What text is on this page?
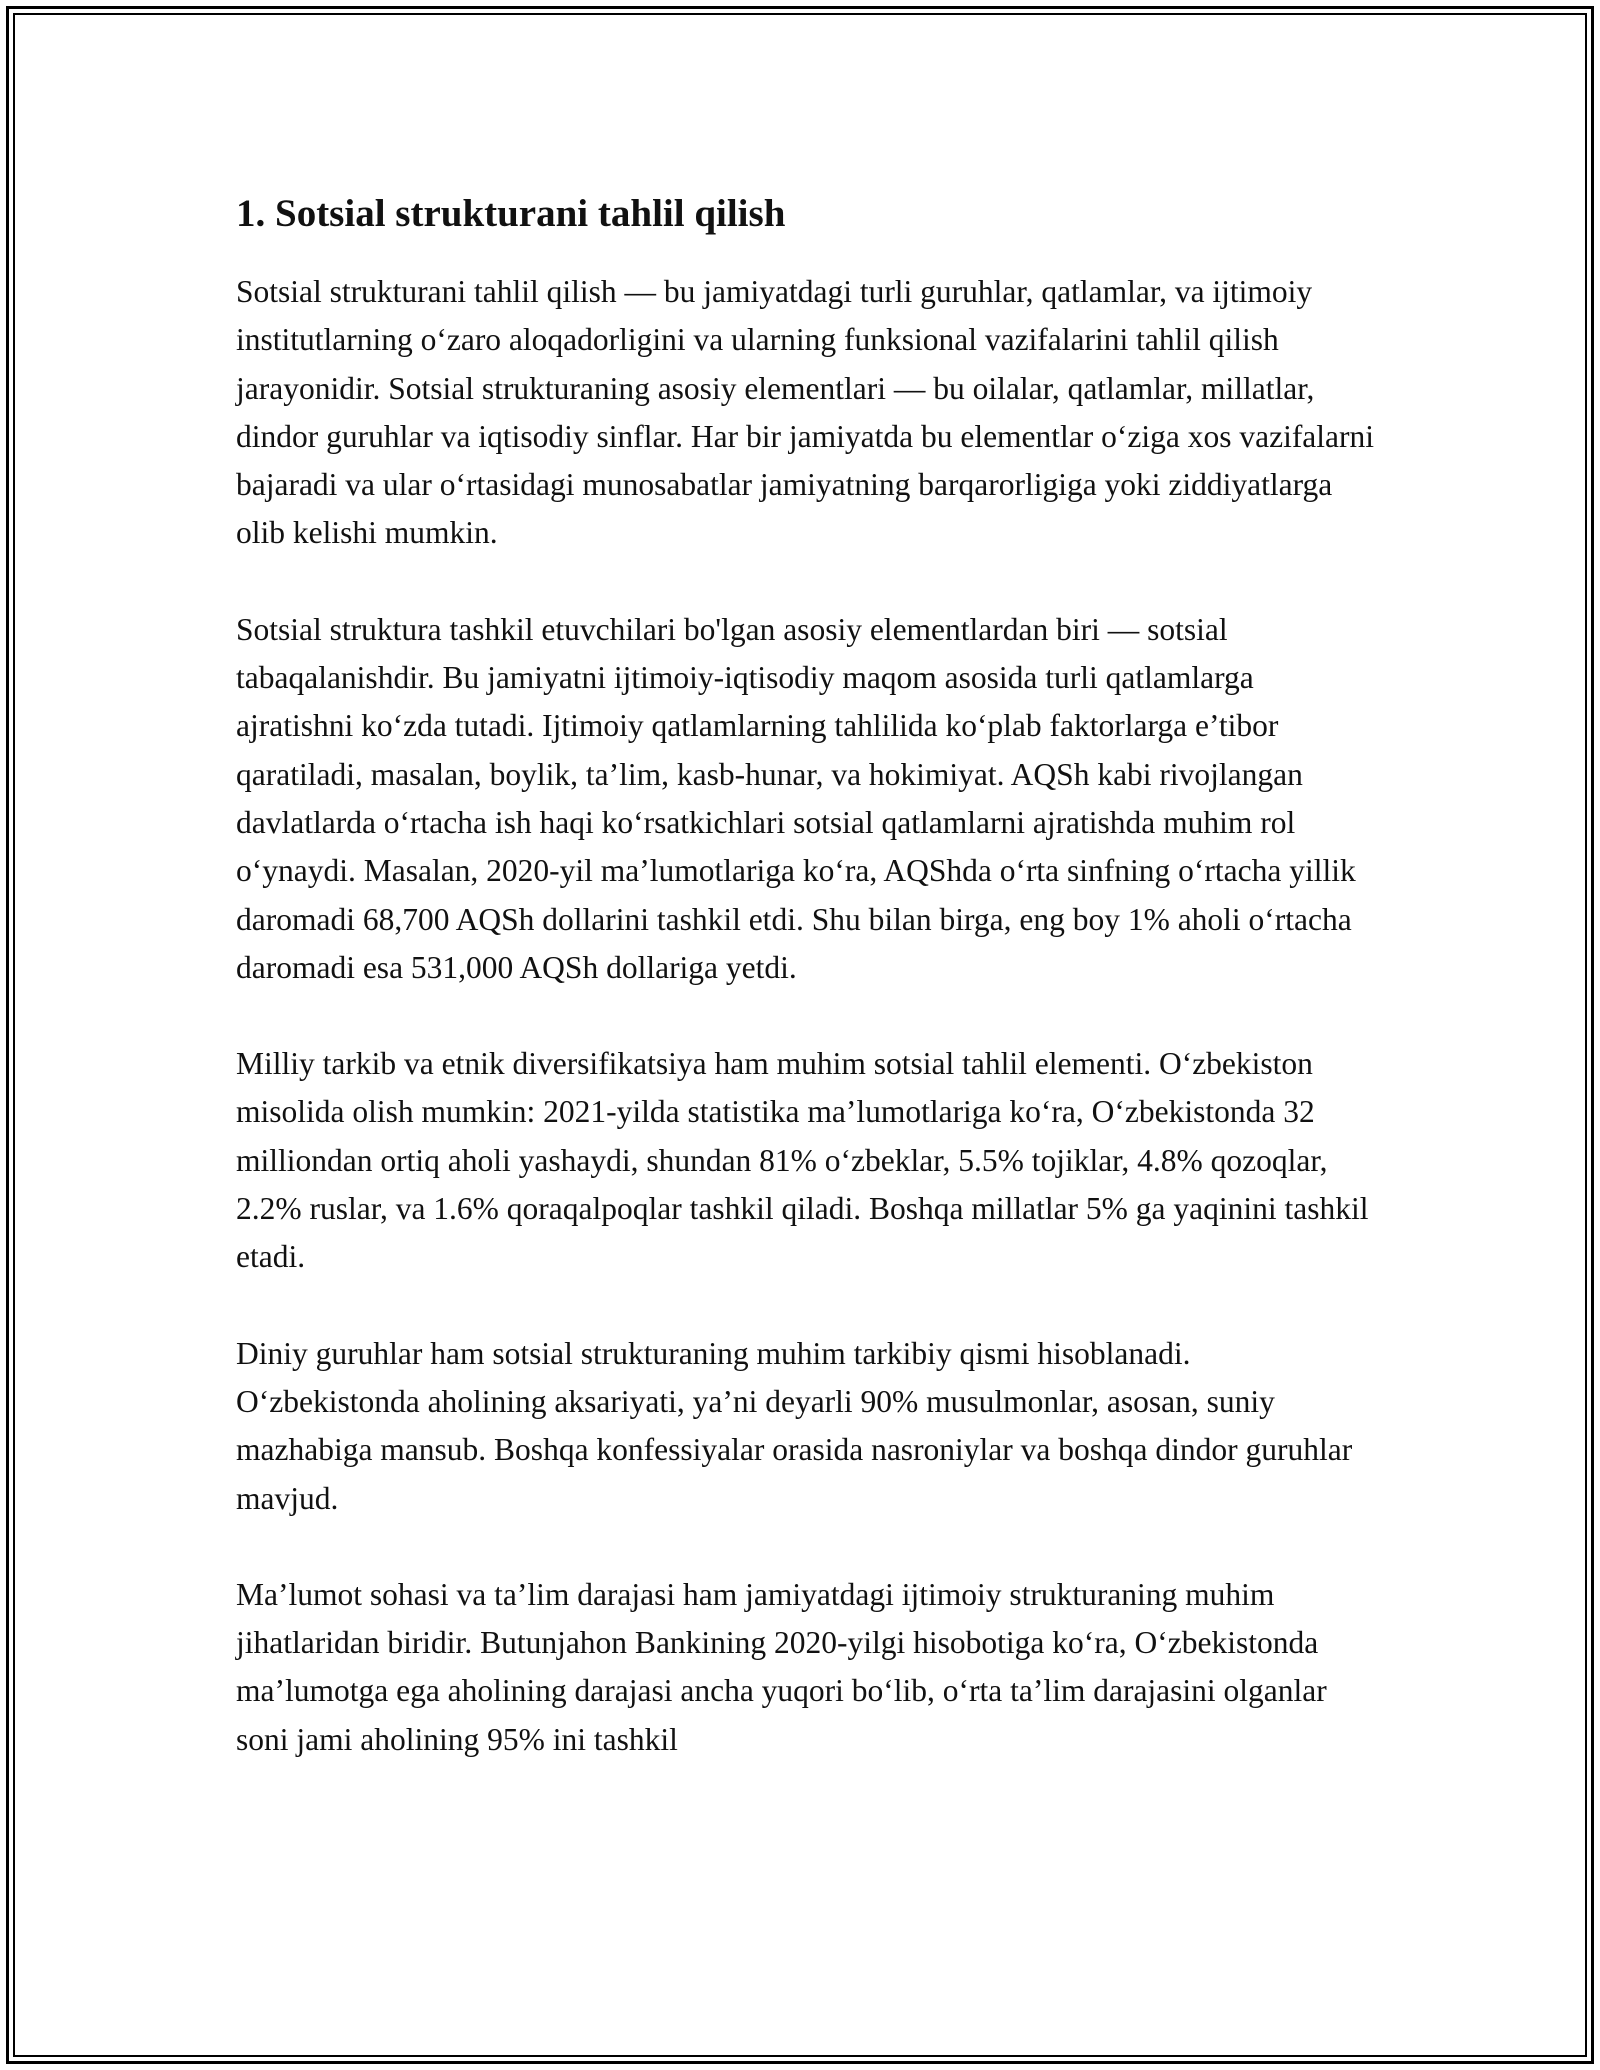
1. Sotsial strukturani tahlil qilish

Sotsial strukturani tahlil qilish — bu jamiyatdagi turli guruhlar, qatlamlar, va ijtimoiy institutlarning oʻzaro aloqadorligini va ularning funksional vazifalarini tahlil qilish jarayonidir. Sotsial strukturaning asosiy elementlari — bu oilalar, qatlamlar, millatlar, dindor guruhlar va iqtisodiy sinflar. Har bir jamiyatda bu elementlar oʻziga xos vazifalarni bajaradi va ular oʻrtasidagi munosabatlar jamiyatning barqarorligiga yoki ziddiyatlarga olib kelishi mumkin.

Sotsial struktura tashkil etuvchilari bo'lgan asosiy elementlardan biri — sotsial tabaqalanishdir. Bu jamiyatni ijtimoiy-iqtisodiy maqom asosida turli qatlamlarga ajratishni koʻzda tutadi. Ijtimoiy qatlamlarning tahlilida koʻplab faktorlarga e’tibor qaratiladi, masalan, boylik, ta’lim, kasb-hunar, va hokimiyat. AQSh kabi rivojlangan davlatlarda oʻrtacha ish haqi koʻrsatkichlari sotsial qatlamlarni ajratishda muhim rol oʻynaydi. Masalan, 2020-yil ma’lumotlariga koʻra, AQShda oʻrta sinfning oʻrtacha yillik daromadi 68,700 AQSh dollarini tashkil etdi. Shu bilan birga, eng boy 1% aholi oʻrtacha daromadi esa 531,000 AQSh dollariga yetdi.

Milliy tarkib va etnik diversifikatsiya ham muhim sotsial tahlil elementi. Oʻzbekiston misolida olish mumkin: 2021-yilda statistika ma’lumotlariga koʻra, Oʻzbekistonda 32 milliondan ortiq aholi yashaydi, shundan 81% oʻzbeklar, 5.5% tojiklar, 4.8% qozoqlar, 2.2% ruslar, va 1.6% qoraqalpoqlar tashkil qiladi. Boshqa millatlar 5% ga yaqinini tashkil etadi.

Diniy guruhlar ham sotsial strukturaning muhim tarkibiy qismi hisoblanadi. Oʻzbekistonda aholining aksariyati, ya’ni deyarli 90% musulmonlar, asosan, suniy mazhabiga mansub. Boshqa konfessiyalar orasida nasroniylar va boshqa dindor guruhlar mavjud.

Ma’lumot sohasi va ta’lim darajasi ham jamiyatdagi ijtimoiy strukturaning muhim jihatlaridan biridir. Butunjahon Bankining 2020-yilgi hisobotiga koʻra, Oʻzbekistonda ma’lumotga ega aholining darajasi ancha yuqori boʻlib, oʻrta ta’lim darajasini olganlar soni jami aholining 95% ini tashkil
